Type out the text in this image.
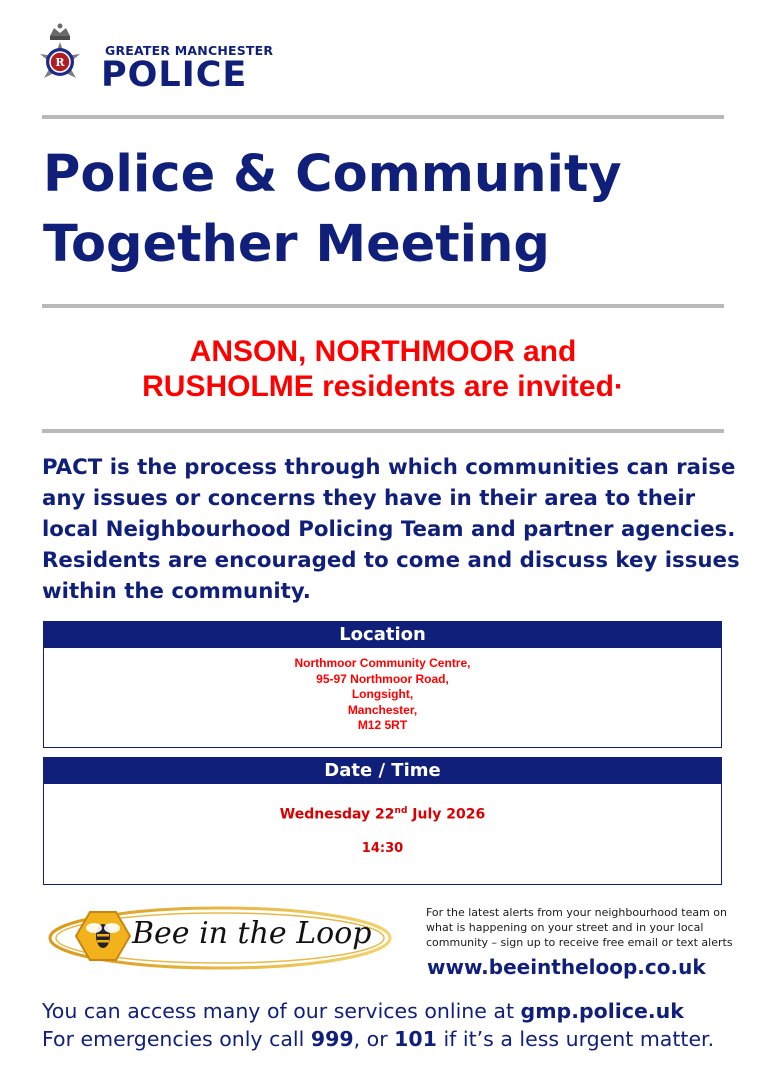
R
GREATER MANCHESTER
POLICE
Police & Community
Together Meeting
ANSON, NORTHMOOR and
RUSHOLME residents are invited·
PACT is the process through which communities can raise any issues or concerns they have in their area to their local Neighbourhood Policing Team and partner agencies. Residents are encouraged to come and discuss key issues within the community.
Location
Northmoor Community Centre,
95-97 Northmoor Road,
Longsight,
Manchester,
M12 5RT
Date / Time
Wednesday 22nd July 2026
14:30
Bee in the Loop
For the latest alerts from your neighbourhood team on what is happening on your street and in your local community – sign up to receive free email or text alerts
www.beeintheloop.co.uk
You can access many of our services online at gmp.police.uk
For emergencies only call 999, or 101 if it’s a less urgent matter.
